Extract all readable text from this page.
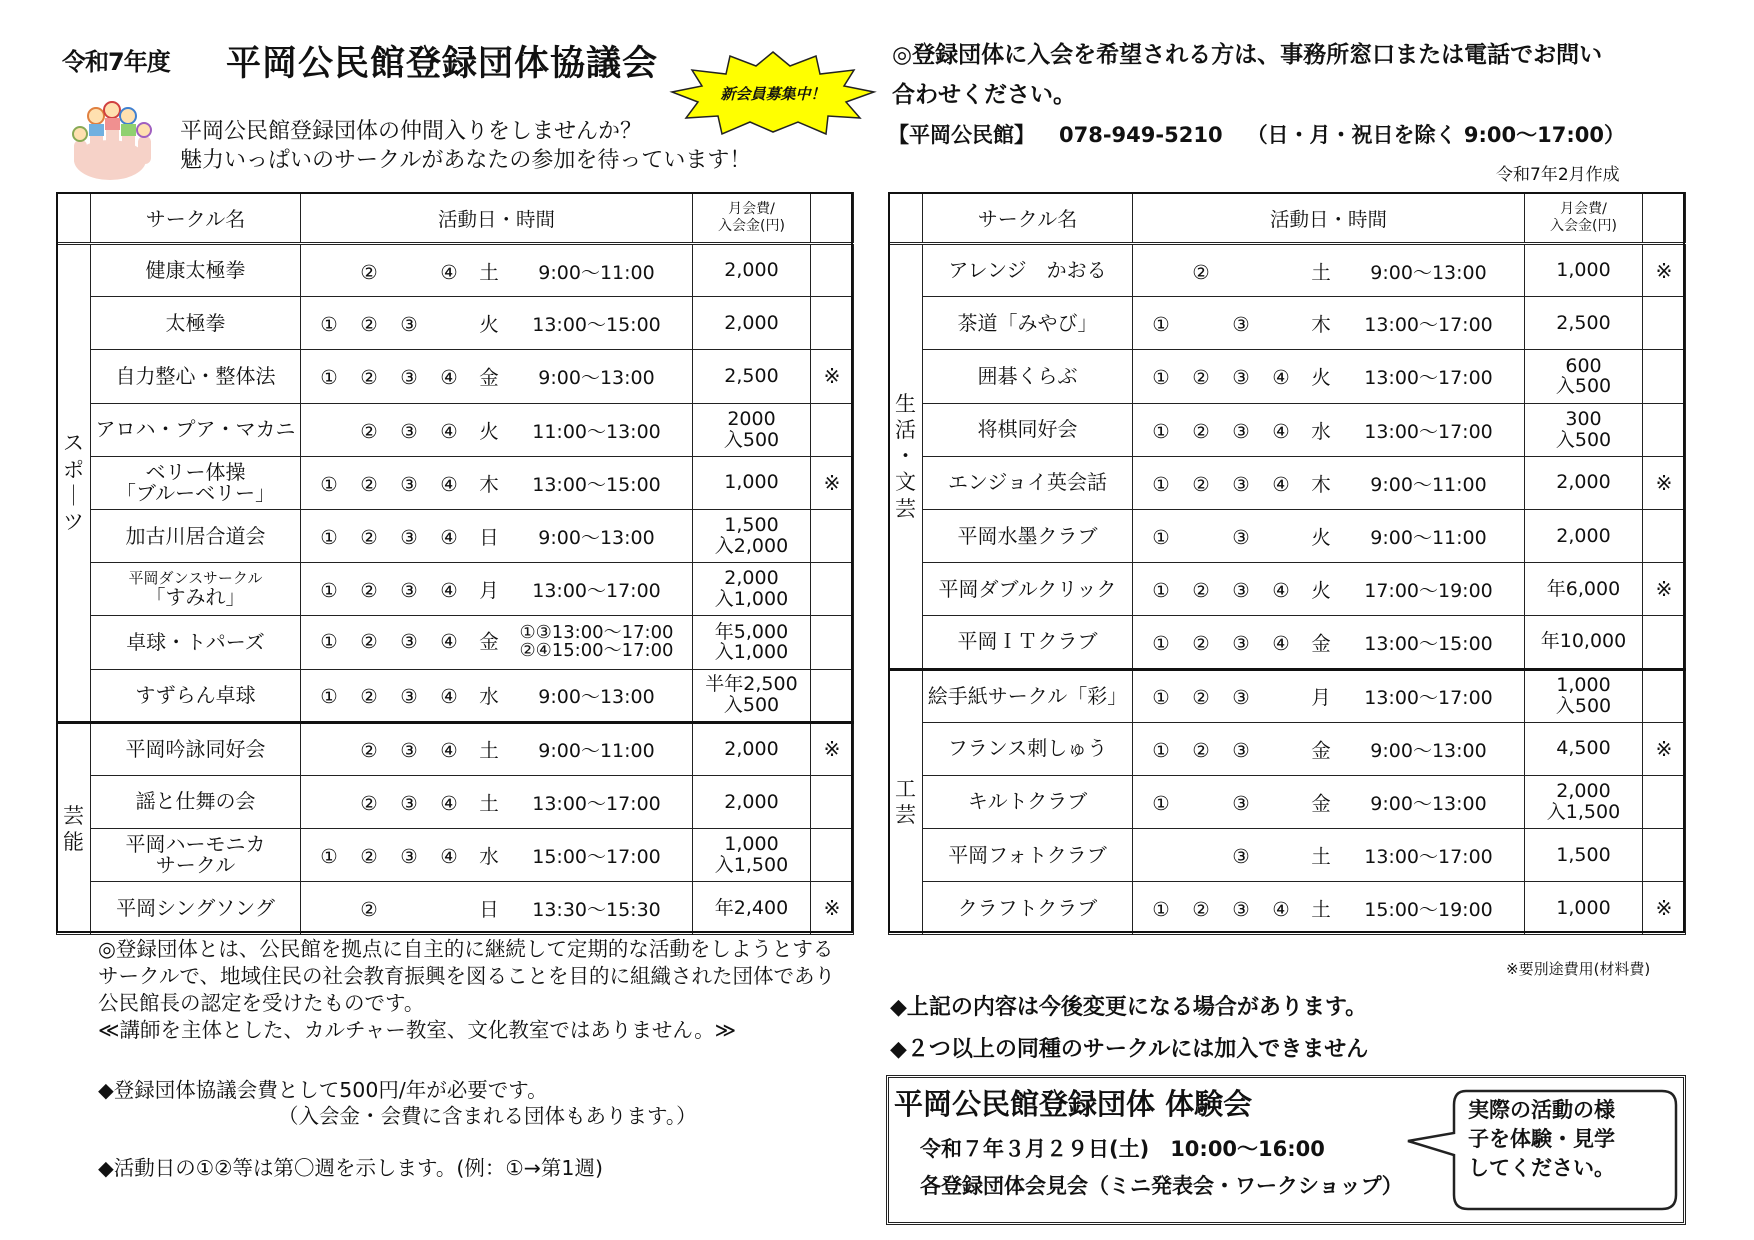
令和7年度 平岡公民館登録団体協議会
新会員募集中！
平岡公民館登録団体の仲間入りをしませんか？
魅力いっぱいのサークルがあなたの参加を待っています！
◎登録団体に入会を希望される方は、事務所窓口または電話でお問い
合わせください。
【平岡公民館】 078-949-5210 （日・月・祝日を除く 9:00～17:00）
令和7年2月作成
	サークル名	活動日・時間	月会費/
入会金(円)	

ス
ポ
｜
ツ	健康太極拳	② ④ 土 9:00～11:00	2,000	

	太極拳	① ② ③ 火 13:00～15:00	2,000	

	自力整心・整体法	① ② ③ ④ 金 9:00～13:00	2,500	※

	アロハ・プア・マカニ	② ③ ④ 火 11:00～13:00	2000
入500	

	ベリー体操
「ブルーベリー」	① ② ③ ④ 木 13:00～15:00	1,000	※

	加古川居合道会	① ② ③ ④ 日 9:00～13:00	1,500
入2,000	

	平岡ダンスサークル
「すみれ」	① ② ③ ④ 月 13:00～17:00	2,000
入1,000	

	卓球・トパーズ	① ② ③ ④ 金 ①③13:00～17:00
②④15:00～17:00	年5,000
入1,000	

	すずらん卓球	① ② ③ ④ 水 9:00～13:00	半年2,500
入500	

芸
能	平岡吟詠同好会	② ③ ④ 土 9:00～11:00	2,000	※

	謡と仕舞の会	② ③ ④ 土 13:00～17:00	2,000	

	平岡ハーモニカ
サークル	① ② ③ ④ 水 15:00～17:00	1,000
入1,500	

	平岡シングソング	② 日 13:30～15:30	年2,400	※
	サークル名	活動日・時間	月会費/
入会金(円)	

生
活
・
文
芸	アレンジ　かおる	② 土 9:00～13:00	1,000	※

	茶道「みやび」	① ③ 木 13:00～17:00	2,500	

	囲碁くらぶ	① ② ③ ④ 火 13:00～17:00	600
入500	

	将棋同好会	① ② ③ ④ 水 13:00～17:00	300
入500	

	エンジョイ英会話	① ② ③ ④ 木 9:00～11:00	2,000	※

	平岡水墨クラブ	① ③ 火 9:00～11:00	2,000	

	平岡ダブルクリック	① ② ③ ④ 火 17:00～19:00	年6,000	※

	平岡ＩＴクラブ	① ② ③ ④ 金 13:00～15:00	年10,000	

工
芸	絵手紙サークル「彩」	① ② ③ 月 13:00～17:00	1,000
入500	

	フランス刺しゅう	① ② ③ 金 9:00～13:00	4,500	※

	キルトクラブ	① ③ 金 9:00～13:00	2,000
入1,500	

	平岡フォトクラブ	③ 土 13:00～17:00	1,500	

	クラフトクラブ	① ② ③ ④ 土 15:00～19:00	1,000	※
◎登録団体とは、公民館を拠点に自主的に継続して定期的な活動をしようとするサークルで、地域住民の社会教育振興を図ることを目的に組織された団体であり公民館長の認定を受けたものです。
≪講師を主体とした、カルチャー教室、文化教室ではありません。≫
◆登録団体協議会費として500円/年が必要です。
（入会金・会費に含まれる団体もあります。）
◆活動日の①②等は第〇週を示します。(例：①→第1週)
※要別途費用(材料費)
◆上記の内容は今後変更になる場合があります。
◆２つ以上の同種のサークルには加入できません
平岡公民館登録団体 体験会
令和７年３月２９日(土)　10:00～16:00
各登録団体会見会（ミニ発表会・ワークショップ）
実際の活動の様
子を体験・見学
してください。
